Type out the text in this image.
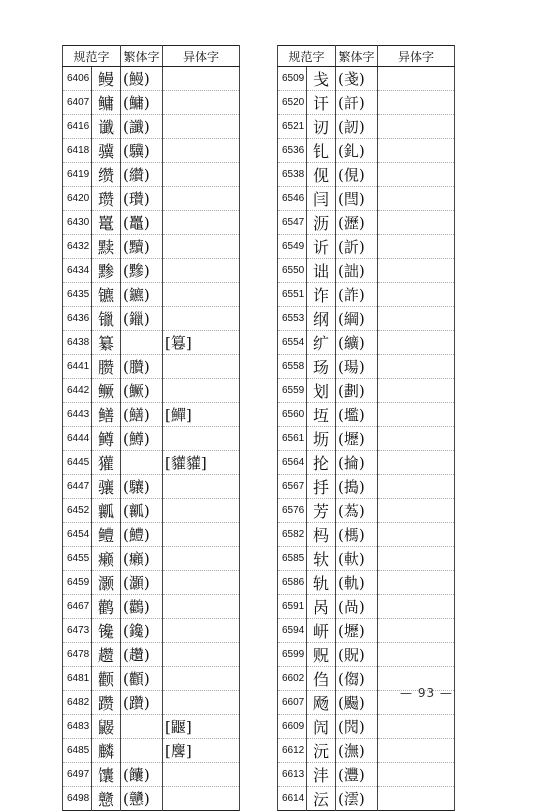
规范字		繁体字	异体字
6406	鳗	(鰻)	
6407	鳙	(鱅)	
6416	谶	(讖)	
6418	骥	(驥)	
6419	缵	(纘)	
6420	瓒	(瓚)	
6430	鼍	(鼉)	
6432	黩	(黷)	
6434	黪	(黲)	
6435	镳	(鑣)	
6436	镴	(鑞)	
6438	纂		[篹]
6441	臜	(臢)	
6442	鳜	(鱖)	
6443	鳝	(鱔)	[鱓]
6444	鳟	(鱒)	
6445	獾		[貛貛]
6447	骧	(驤)	
6452	瓤	(瓤)	
6454	鳢	(鱧)	
6455	癞	(癩)	
6459	灏	(灝)	
6467	鹳	(鸛)	
6473	镵	(鑱)	
6478	趱	(趲)	
6481	颧	(顴)	
6482	躜	(躦)	
6483	鼹		[鼴]
6485	麟		[麐]
6497	馕	(饢)	
6498	戆	(戇)	
规范字		繁体字	异体字
6509	戋	(戔)	
6520	讦	(訐)	
6521	讱	(訒)	
6536	钆	(釓)	
6538	伣	(俔)	
6546	闫	(閆)	
6547	沥	(瀝)	
6549	䜣	(訢)	
6550	诎	(詘)	
6551	诈	(詐)	
6553	纲	(綱)	
6554	纩	(纊)	
6558	玚	(瑒)	
6559	划	(劃)	
6560	坘	(壏)	
6561	坜	(壢)	
6564	抡	(掄)	
6567	抙	(搗)	
6576	芳	(蒍)	
6582	杩	(榪)	
6585	轪	(軑)	
6586	轨	(軌)	
6591	呙	(咼)	
6594	岍	(壢)	
6599	贶	(貺)	
6602	㑇	(㑳)	
6607	飏	(颺)	
6609	闶	(閌)	
6612	沅	(潕)	
6613	沣	(灃)	
6614	沄	(澐)	
— 93 —
